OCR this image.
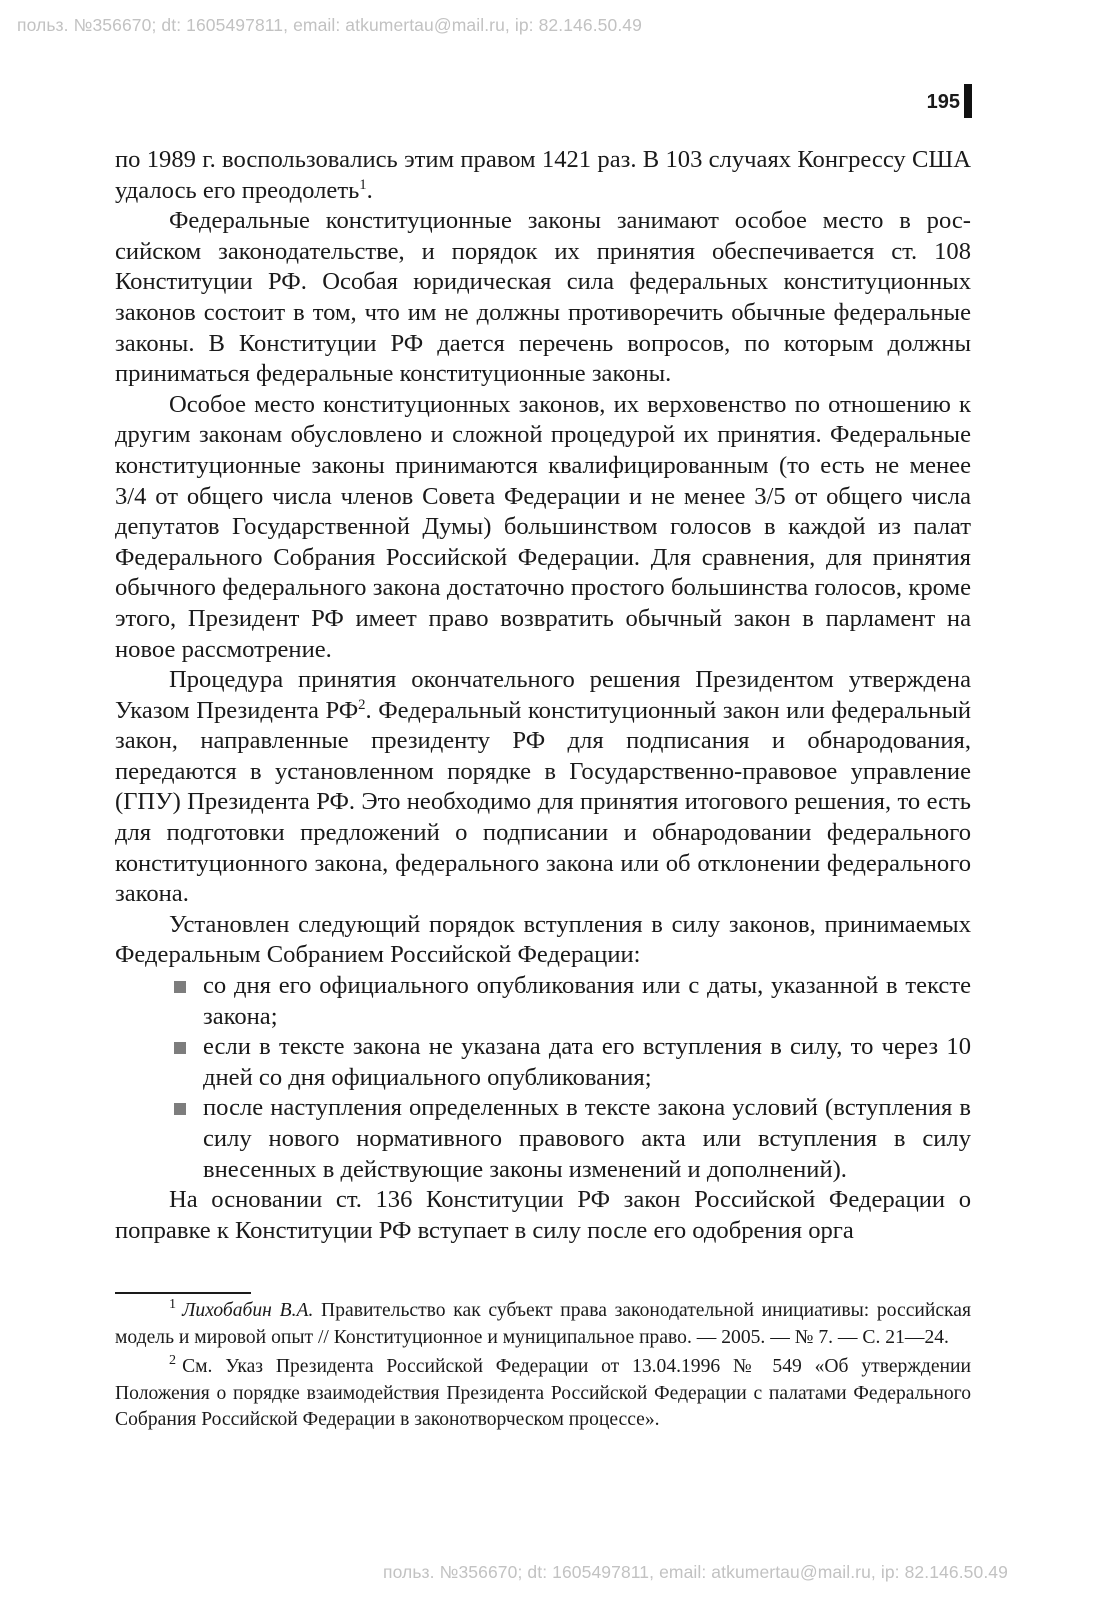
польз. №356670; dt: 1605497811, email: atkumertau@mail.ru, ip: 82.146.50.49
195

по 1989 г. воспользовались этим правом 1421 раз. В 103 случаях Конгрессу США удалось его преодолеть$^1$.

Федеральные конституционные законы занимают особое место в российском законодательстве, и порядок их принятия обеспечивается ст. 108 Конституции РФ. Особая юридическая сила федеральных конституционных законов состоит в том, что им не должны противоречить обычные федеральные законы. В Конституции РФ дается перечень вопросов, по которым должны приниматься федеральные конституционные законы.

Особое место конституционных законов, их верховенство по отношению к другим законам обусловлено и сложной процедурой их принятия. Федеральные конституционные законы принимаются квалифицированным (то есть не менее 3/4 от общего числа членов Совета Федерации и не менее 3/5 от общего числа депутатов Государственной Думы) большинством голосов в каждой из палат Федерального Собрания Российской Федерации. Для сравнения, для принятия обычного федерального закона достаточно простого большинства голосов, кроме этого, Президент РФ имеет право возвратить обычный закон в парламент на новое рассмотрение.

Процедура принятия окончательного решения Президентом утверждена Указом Президента $РФ^2$. Федеральный конституционный закон или федеральный закон, направленные президенту РФ для подписания и обнародования, передаются в установленном порядке в Государственно-правовое управление (ГПУ) Президента РФ. Это необходимо для принятия итогового решения, то есть для подготовки предложений о подписании и обнародовании федерального конституционного закона, федерального закона или об отклонении федерального закона.

Установлен следующий порядок вступления в силу законов, принимаемых Федеральным Собранием Российской Федерации:

со дня его официального опубликования или с даты, указанной в тексте закона;
если в тексте закона не указана дата его вступления в силу, то через 10 дней со дня официального опубликования;
после наступления определенных в тексте закона условий (вступления в силу нового нормативного правового акта или вступления в силу внесенных в действующие законы изменений и дополнений).

На основании ст. 136 Конституции РФ закон Российской Федерации о поправке к Конституции РФ вступает в силу после его одобрения орга

$^1$ Лихобабин В.А. Правительство как субъект права законодательной инициативы: российская модель и мировой опыт // Конституционное и муниципальное право. — 2005. — № 7. — С. 21—24.

$^2$ См. Указ Президента Российской Федерации от 13.04.1996 № 549 «Об утверждении Положения о порядке взаимодействия Президента Российской Федерации с палатами Федерального Собрания Российской Федерации в законотворческом процессе».

польз. №356670; dt: 1605497811, email: atkumertau@mail.ru, ip: 82.146.50.49
